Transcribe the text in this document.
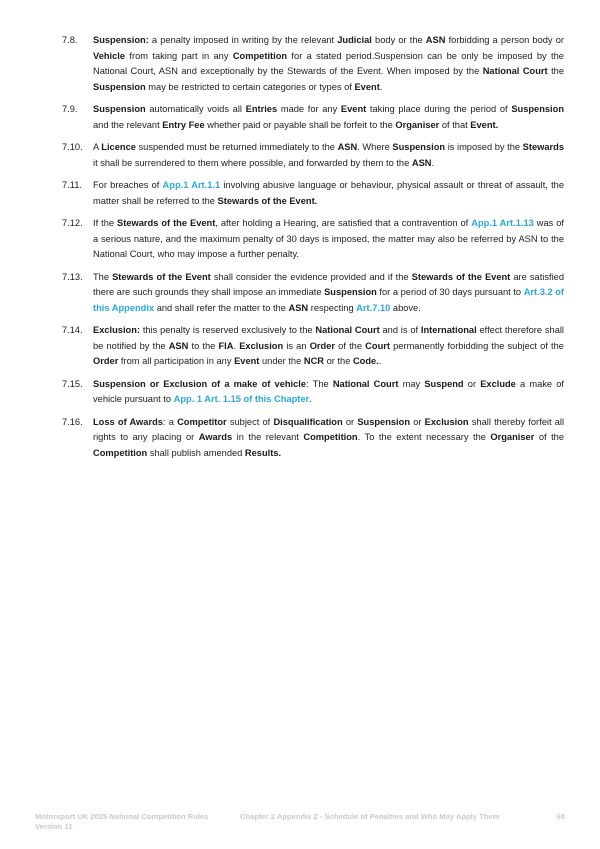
7.8.	Suspension: a penalty imposed in writing by the relevant Judicial body or the ASN forbidding a person body or Vehicle from taking part in any Competition for a stated period.Suspension can be only be imposed by the National Court, ASN and exceptionally by the Stewards of the Event. When imposed by the National Court the Suspension may be restricted to certain categories or types of Event.
7.9.	Suspension automatically voids all Entries made for any Event taking place during the period of Suspension and the relevant Entry Fee whether paid or payable shall be forfeit to the Organiser of that Event.
7.10.	A Licence suspended must be returned immediately to the ASN. Where Suspension is imposed by the Stewards it shall be surrendered to them where possible, and forwarded by them to the ASN.
7.11.	For breaches of App.1 Art.1.1 involving abusive language or behaviour, physical assault or threat of assault, the matter shall be referred to the Stewards of the Event.
7.12.	If the Stewards of the Event, after holding a Hearing, are satisfied that a contravention of App.1 Art.1.13 was of a serious nature, and the maximum penalty of 30 days is imposed, the matter may also be referred by ASN to the National Court, who may impose a further penalty.
7.13.	The Stewards of the Event shall consider the evidence provided and if the Stewards of the Event are satisfied there are such grounds they shall impose an immediate Suspension for a period of 30 days pursuant to Art.3.2 of this Appendix and shall refer the matter to the ASN respecting Art.7.10 above.
7.14.	Exclusion: this penalty is reserved exclusively to the National Court and is of International effect therefore shall be notified by the ASN to the FIA. Exclusion is an Order of the Court permanently forbidding the subject of the Order from all participation in any Event under the NCR or the Code..
7.15.	Suspension or Exclusion of a make of vehicle: The National Court may Suspend or Exclude a make of vehicle pursuant to App. 1 Art. 1.15 of this Chapter.
7.16.	Loss of Awards: a Competitor subject of Disqualification or Suspension or Exclusion shall thereby forfeit all rights to any placing or Awards in the relevant Competition. To the extent necessary the Organiser of the Competition shall publish amended Results.
Motorsport UK 2025 National Competition Rules
Version 11
Chapter 2 Appendix 2 - Schedule of Penalties and Who May Apply Them	68
